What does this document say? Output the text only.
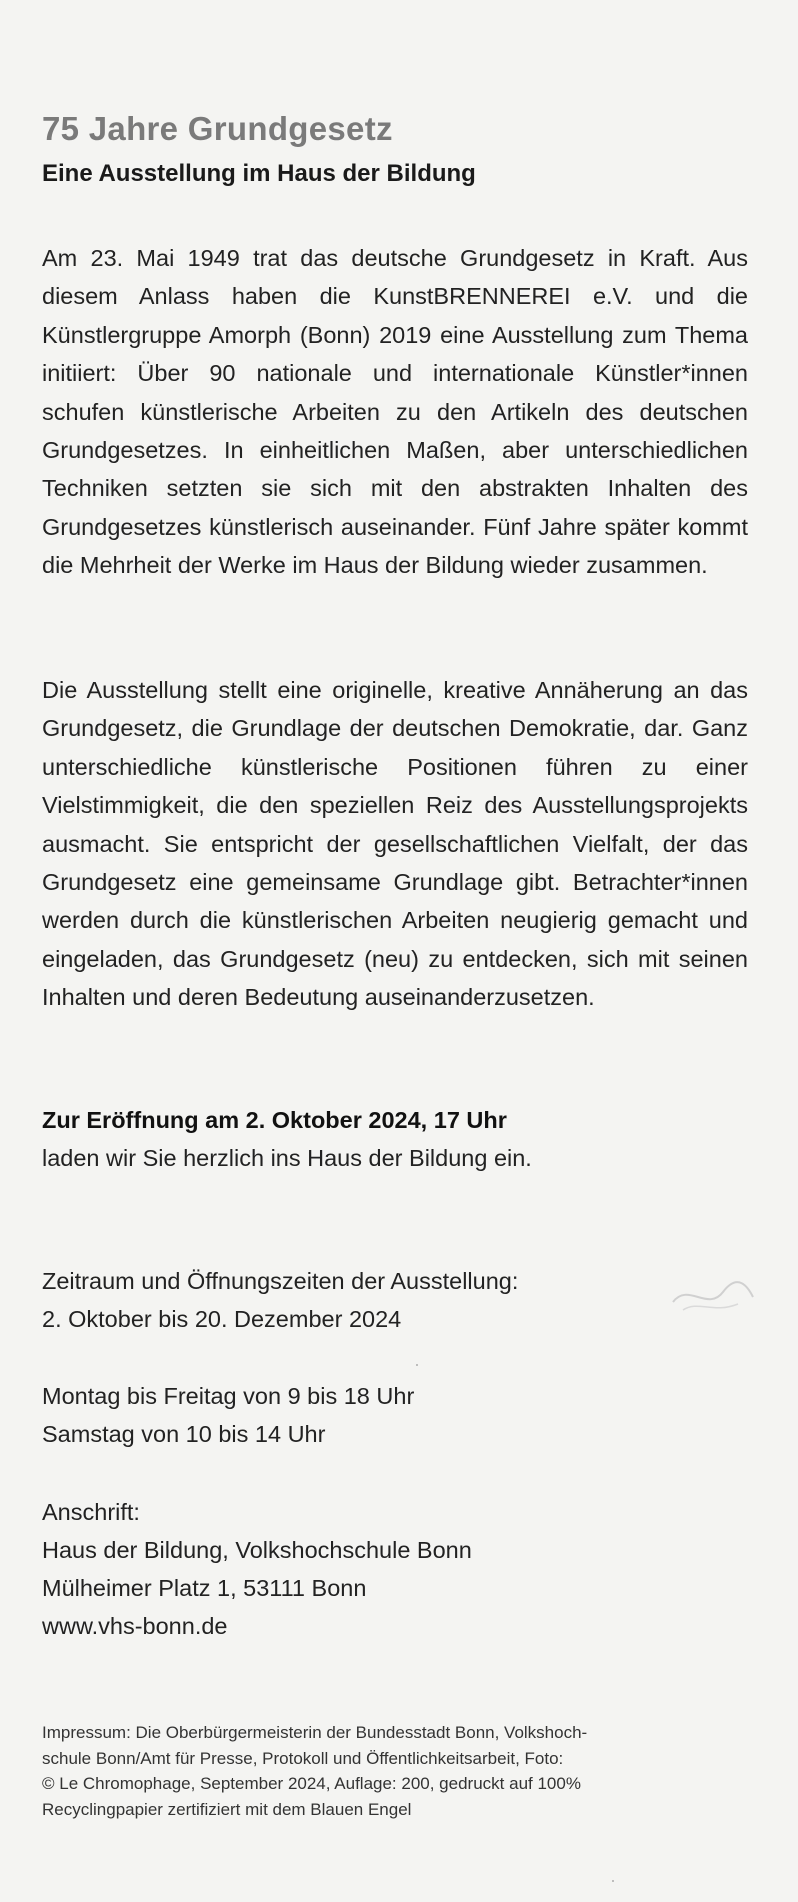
75 Jahre Grundgesetz
Eine Ausstellung im Haus der Bildung

Am 23. Mai 1949 trat das deutsche Grundgesetz in Kraft. Aus diesem Anlass haben die KunstBRENNEREI e.V. und die Künstlergruppe Amorph (Bonn) 2019 eine Ausstellung zum Thema initiiert: Über 90 nationale und internationale Künstler*innen schufen künstlerische Arbeiten zu den Artikeln des deutschen Grundgesetzes. In einheitlichen Maßen, aber unterschiedlichen Techniken setzten sie sich mit den abstrakten Inhalten des Grundgesetzes künstlerisch auseinander. Fünf Jahre später kommt die Mehrheit der Werke im Haus der Bildung wieder zusammen.

Die Ausstellung stellt eine originelle, kreative Annäherung an das Grundgesetz, die Grundlage der deutschen Demokratie, dar. Ganz unterschiedliche künstlerische Positionen führen zu einer Vielstimmigkeit, die den speziellen Reiz des Ausstellungsprojekts ausmacht. Sie entspricht der gesellschaftlichen Vielfalt, der das Grundgesetz eine gemeinsame Grundlage gibt. Betrachter*innen werden durch die künstlerischen Arbeiten neugierig gemacht und eingeladen, das Grundgesetz (neu) zu entdecken, sich mit seinen Inhalten und deren Bedeutung auseinanderzusetzen.

Zur Eröffnung am 2. Oktober 2024, 17 Uhr
laden wir Sie herzlich ins Haus der Bildung ein.
Zeitraum und Öffnungszeiten der Ausstellung:
2. Oktober bis 20. Dezember 2024
Montag bis Freitag von 9 bis 18 Uhr
Samstag von 10 bis 14 Uhr
Anschrift:
Haus der Bildung, Volkshochschule Bonn
Mülheimer Platz 1, 53111 Bonn
www.vhs-bonn.de

Impressum: Die Oberbürgermeisterin der Bundesstadt Bonn, Volkshoch-

schule Bonn/Amt für Presse, Protokoll und Öffentlichkeitsarbeit, Foto:

© Le Chromophage, September 2024, Auflage: 200, gedruckt auf 100%

Recyclingpapier zertifiziert mit dem Blauen Engel

·
·
